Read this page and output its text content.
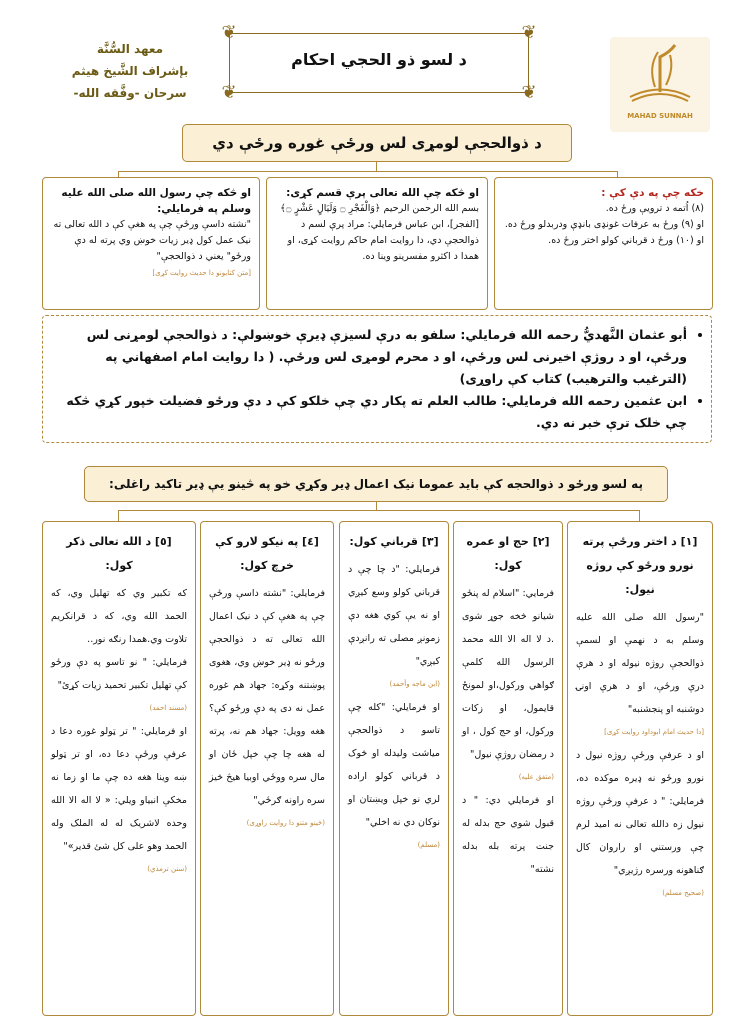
معهد السُّنَّة
بإشراف الشَّيخ هيثم
سرحان -وفَّقه الله-
❦	❦
❦	❦
د لسو ذو الحجي احکام
MAHAD SUNNAH
د ذوالحجې لومړی لس ورځې غوره ورځې دي
خکه چې په دې کې :
(٨) اُتمه د ترويې ورځ ده.
او (٩) ورځ به عرفات غونډی بانډې ودربدلو ورځ ده.
او (١٠) ورځ د قرباني کولو اختر ورځ ده.
او څکه چې الله تعالى پرې قسم کړی:
بسم الله الرحمن الرحيم ﴿وَالْفَجْرِ ۝ وَلَيَالٍ عَشْرٍ ۝﴾ [الفجر]، ابن عباس فرمايلي: مراد پرې لسم د ذوالحجې دي، دا روايت امام حاکم روايت کړی، او همدا د اکثرو مفسرينو وينا ده.
او څکه چې رسول الله صلى الله عليه وسلم په فرمايلي:
"نشته داسې ورځې چې په هغې کې د الله تعالى ته نيک عمل کول ډير زيات خوښ وي پرته له دې ورځو" يعني د ذوالحجې"
[متن کتابونو دا حديث روايت کړی]
• أبو عثمان النَّهديُّ رحمه الله فرمايلي: سلفو به درې لسيزې ډيرې خوښولې: د ذوالحجې لومړنی لس ورځې، او د روژې اخيرنی لس ورځې، او د محرم لومړی لس ورځې. ( دا روايت امام اصفهاني په (الترغيب والترهيب) کتاب کې راوړی)
• ابن عثمين رحمه الله فرمايلي: طالب العلم ته پکار دي چې خلکو کې د دې ورځو فضيلت خپور کړي څکه چې خلک ترې خبر نه دي.
په لسو ورځو د ذوالحجه کې بايد عموما نيک اعمال ډير وکړي خو په څينو يې ډير تاکيد راغلی:
[١] د اختر ورځې پرته نورو ورځو کې روژه نيول:
"رسول الله صلی الله عليه وسلم به د نهمې او لسمې ذوالحجې روژه نيوله او د هرې درې ورځې، او د هرې اونۍ دوشنبه او پنجشنبه"
[دا حديث امام ابوداود روايت کړی]
او د عرفې ورځې روژه نيول د نورو ورځو نه ډيره موکده ده، فرمايلي: " د عرفې ورځې روژه نيول زه دالله تعالى نه اميد لرم چې ورستني او راروان کال ګناهونه ورسره رژيږي"
(صحيح مسلم)
[٢] حج او عمره کول:
فرمايي: "اسلام له پنځو شيانو څخه جوړ شوی .د لا اله الا الله محمد الرسول الله کلمې ګواهي ورکول،او لمونځ قايمول، او زکات ورکول، او حج کول ، او د رمضان روژې نيول"
(متفق عليه)
او فرمايلي دي: " د قبول شوي حج بدله له جنت پرته بله بدله نشته"
[٣] قرباني کول:
فرمايلي: "د چا چې د قرباني کولو وسع کيږي او نه يې کوي هغه دې زمونږ مصلی ته رانږدې کيږي"
(ابن ماجه وأحمد)
او فرمايلي: "کله چې تاسو د ذوالحجې مياشت وليدله او څوک د قرباني کولو اراده لري نو خپل ويښتان او نوکان دي نه اخلي"
(مسلم)
[٤] په نيکو لارو کې خرچ کول:
فرمايلي: "نشته داسې ورځې چې په هغې کې د نيک اعمال الله تعالى ته د ذوالحجې ورځو نه ډير خوښ وي، هغوی پوښتنه وکړه: جهاد هم غوره عمل نه دی په دې ورځو کې؟ هغه وويل: جهاد هم نه، پرته له هغه چا چې خپل ځان او مال سره ووځي اوبيا هيڅ څيز سره راونه ګرځي"
(څينو متنو دا روايت راوړی)
[٥] د الله تعالى ذکر کول:
که تکبير وي که تهليل وي، که الحمد الله وي، که د قرانکريم تلاوت وي.همدا رنګه نور..
فرمايلي: " نو تاسو په دې ورځو کې تهليل تکبير تحميد زيات کړئ"
(مسند احمد)
او فرمايلي: " تر ټولو غوره دعا د عرفې ورځې دعا ده، او تر ټولو ښه وينا هغه ده چې ما او زما نه مخکې انبياو ويلي: « لا اله الا الله وحده لاشريک له له الملک وله الحمد وهو على کل شئ قدير»"
(سنن ترمذي)
